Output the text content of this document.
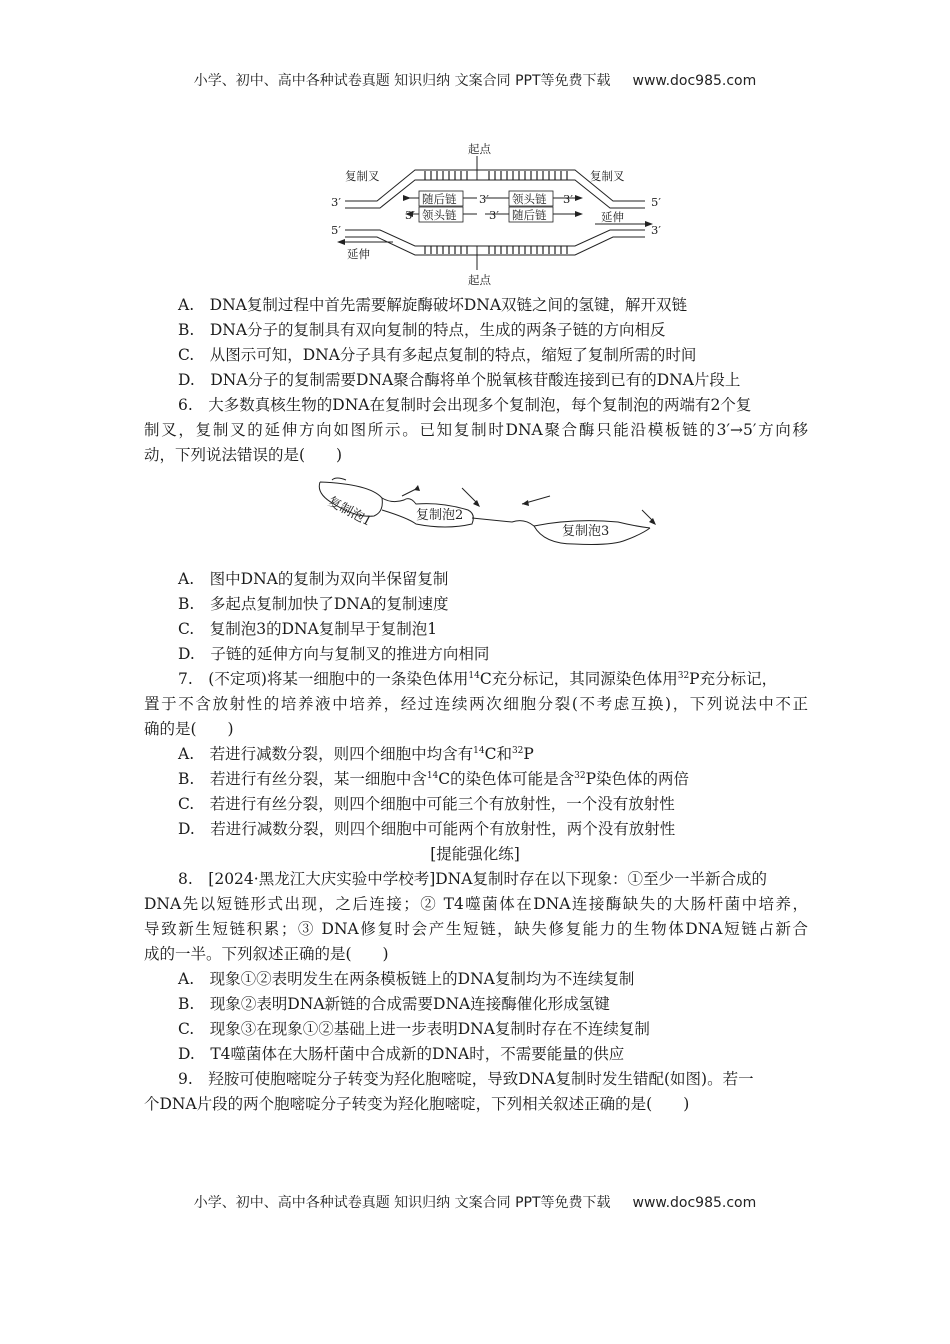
小学、初中、高中各种试卷真题 知识归纳 文案合同 PPT等免费下载 www.doc985.com
起点
起点
复制叉	复制叉
随后链	领头链
领头链	随后链	延伸
延伸
3′	5′
5′	3′
3′	3′
3′	3′
A.　 DNA复制过程中首先需要解旋酶破坏DNA双链之间的氢键，解开双链
B.　 DNA分子的复制具有双向复制的特点，生成的两条子链的方向相反
C.　 从图示可知，DNA分子具有多起点复制的特点，缩短了复制所需的时间
D.　 DNA分子的复制需要DNA聚合酶将单个脱氧核苷酸连接到已有的DNA片段上
6.　大多数真核生物的DNA在复制时会出现多个复制泡，每个复制泡的两端有2个复
制叉，复制叉的延伸方向如图所示。已知复制时DNA聚合酶只能沿模板链的3′→5′方向移
动，下列说法错误的是(　　)
复制泡1	复制泡2
复制泡3
A.　 图中DNA的复制为双向半保留复制
B.　 多起点复制加快了DNA的复制速度
C.　 复制泡3的DNA复制早于复制泡1
D.　 子链的延伸方向与复制叉的推进方向相同
7.　(不定项)将某一细胞中的一条染色体用$^{14}$C充分标记，其同源染色体用$^{32}$P充分标记，
置于不含放射性的培养液中培养，经过连续两次细胞分裂(不考虑互换)，下列说法中不正
确的是(　　)
A.　若进行减数分裂，则四个细胞中均含有$^{14}$C和$^{32}$P
B.　若进行有丝分裂，某一细胞中含$^{14}$C的染色体可能是含$^{32}$P染色体的两倍
C.　若进行有丝分裂，则四个细胞中可能三个有放射性，一个没有放射性
D.　若进行减数分裂，则四个细胞中可能两个有放射性，两个没有放射性
[提能强化练]
8.　[2024·黑龙江大庆实验中学校考]DNA复制时存在以下现象：①至少一半新合成的
DNA先以短链形式出现，之后连接；② T4噬菌体在DNA连接酶缺失的大肠杆菌中培养，
导致新生短链积累；③ DNA修复时会产生短链，缺失修复能力的生物体DNA短链占新合
成的一半。下列叙述正确的是(　　)
A.　 现象①②表明发生在两条模板链上的DNA复制均为不连续复制
B.　 现象②表明DNA新链的合成需要DNA连接酶催化形成氢键
C.　 现象③在现象①②基础上进一步表明DNA复制时存在不连续复制
D.　 T4噬菌体在大肠杆菌中合成新的DNA时，不需要能量的供应
9.　羟胺可使胞嘧啶分子转变为羟化胞嘧啶，导致DNA复制时发生错配(如图)。若一
个DNA片段的两个胞嘧啶分子转变为羟化胞嘧啶，下列相关叙述正确的是(　　)
小学、初中、高中各种试卷真题 知识归纳 文案合同 PPT等免费下载 www.doc985.com
